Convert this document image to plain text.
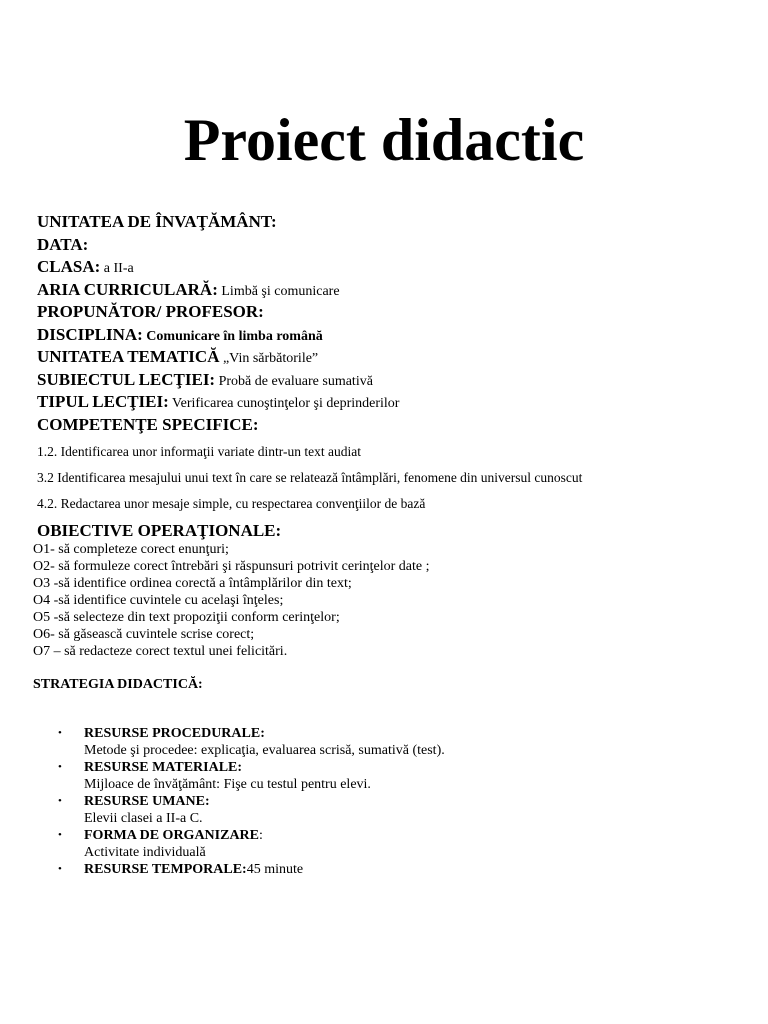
Proiect didactic
UNITATEA DE ÎNVAŢĂMÂNT:
DATA:
CLASA: a II-a
ARIA CURRICULARĂ: Limbă şi comunicare
PROPUNĂTOR/ PROFESOR:
DISCIPLINA: Comunicare în limba română
UNITATEA TEMATICĂ „Vin sărbătorile”
SUBIECTUL LECŢIEI: Probă de evaluare sumativă
TIPUL LECŢIEI: Verificarea cunoştinţelor şi deprinderilor
COMPETENŢE SPECIFICE:
1.2. Identificarea unor informaţii variate dintr-un text audiat
3.2 Identificarea mesajului unui text în care se relatează întâmplări, fenomene din universul cunoscut
4.2. Redactarea unor mesaje simple, cu respectarea convenţiilor de bază
OBIECTIVE OPERAŢIONALE:
O1- să completeze corect enunţuri;
O2- să formuleze corect întrebări şi răspunsuri potrivit cerinţelor date ;
O3 -să identifice ordinea corectă a întâmplărilor din text;
O4 -să identifice cuvintele cu acelaşi înţeles;
O5 -să selecteze din text propoziţii conform cerinţelor;
O6- să găsească cuvintele scrise corect;
O7 – să redacteze corect textul unei felicitări.
STRATEGIA DIDACTICĂ:
• RESURSE PROCEDURALE:
Metode şi procedee: explicaţia, evaluarea scrisă, sumativă (test).
• RESURSE MATERIALE:
Mijloace de învăţământ: Fişe cu testul pentru elevi.
• RESURSE UMANE:
Elevii clasei a II-a C.
• FORMA DE ORGANIZARE:
Activitate individuală
• RESURSE TEMPORALE:45 minute
